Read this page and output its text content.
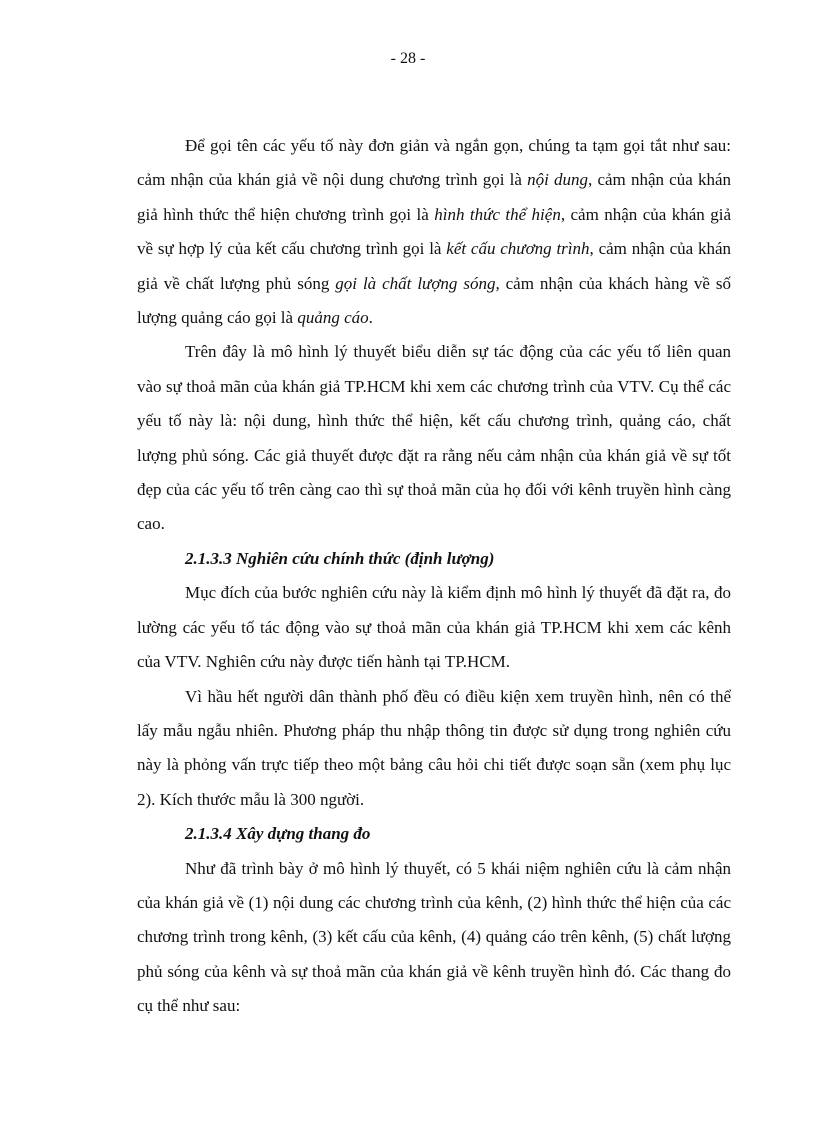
- 28 -

Để gọi tên các yếu tố này đơn giản và ngắn gọn, chúng ta tạm gọi tắt như sau: cảm nhận của khán giả về nội dung chương trình gọi là nội dung, cảm nhận của khán giả hình thức thể hiện chương trình gọi là hình thức thể hiện, cảm nhận của khán giả về sự hợp lý của kết cấu chương trình gọi là kết cấu chương trình, cảm nhận của khán giả về chất lượng phủ sóng gọi là chất lượng sóng, cảm nhận của khách hàng về số lượng quảng cáo gọi là quảng cáo.

Trên đây là mô hình lý thuyết biểu diễn sự tác động của các yếu tố liên quan vào sự thoả mãn của khán giả TP.HCM khi xem các chương trình của VTV. Cụ thể các yếu tố này là: nội dung, hình thức thể hiện, kết cấu chương trình, quảng cáo, chất lượng phủ sóng. Các giả thuyết được đặt ra rằng nếu cảm nhận của khán giả về sự tốt đẹp của các yếu tố trên càng cao thì sự thoả mãn của họ đối với kênh truyền hình càng cao.

2.1.3.3 Nghiên cứu chính thức (định lượng)

Mục đích của bước nghiên cứu này là kiểm định mô hình lý thuyết đã đặt ra, đo lường các yếu tố tác động vào sự thoả mãn của khán giả TP.HCM khi xem các kênh của VTV. Nghiên cứu này được tiến hành tại TP.HCM.

Vì hầu hết người dân thành phố đều có điều kiện xem truyền hình, nên có thể lấy mẫu ngẫu nhiên. Phương pháp thu nhập thông tin được sử dụng trong nghiên cứu này là phỏng vấn trực tiếp theo một bảng câu hỏi chi tiết được soạn sẵn (xem phụ lục 2). Kích thước mẫu là 300 người.

2.1.3.4 Xây dựng thang đo

Như đã trình bày ở mô hình lý thuyết, có 5 khái niệm nghiên cứu là cảm nhận của khán giả về (1) nội dung các chương trình của kênh, (2) hình thức thể hiện của các chương trình trong kênh, (3) kết cấu của kênh, (4) quảng cáo trên kênh, (5) chất lượng phủ sóng của kênh và sự thoả mãn của khán giả về kênh truyền hình đó. Các thang đo cụ thể như sau:
